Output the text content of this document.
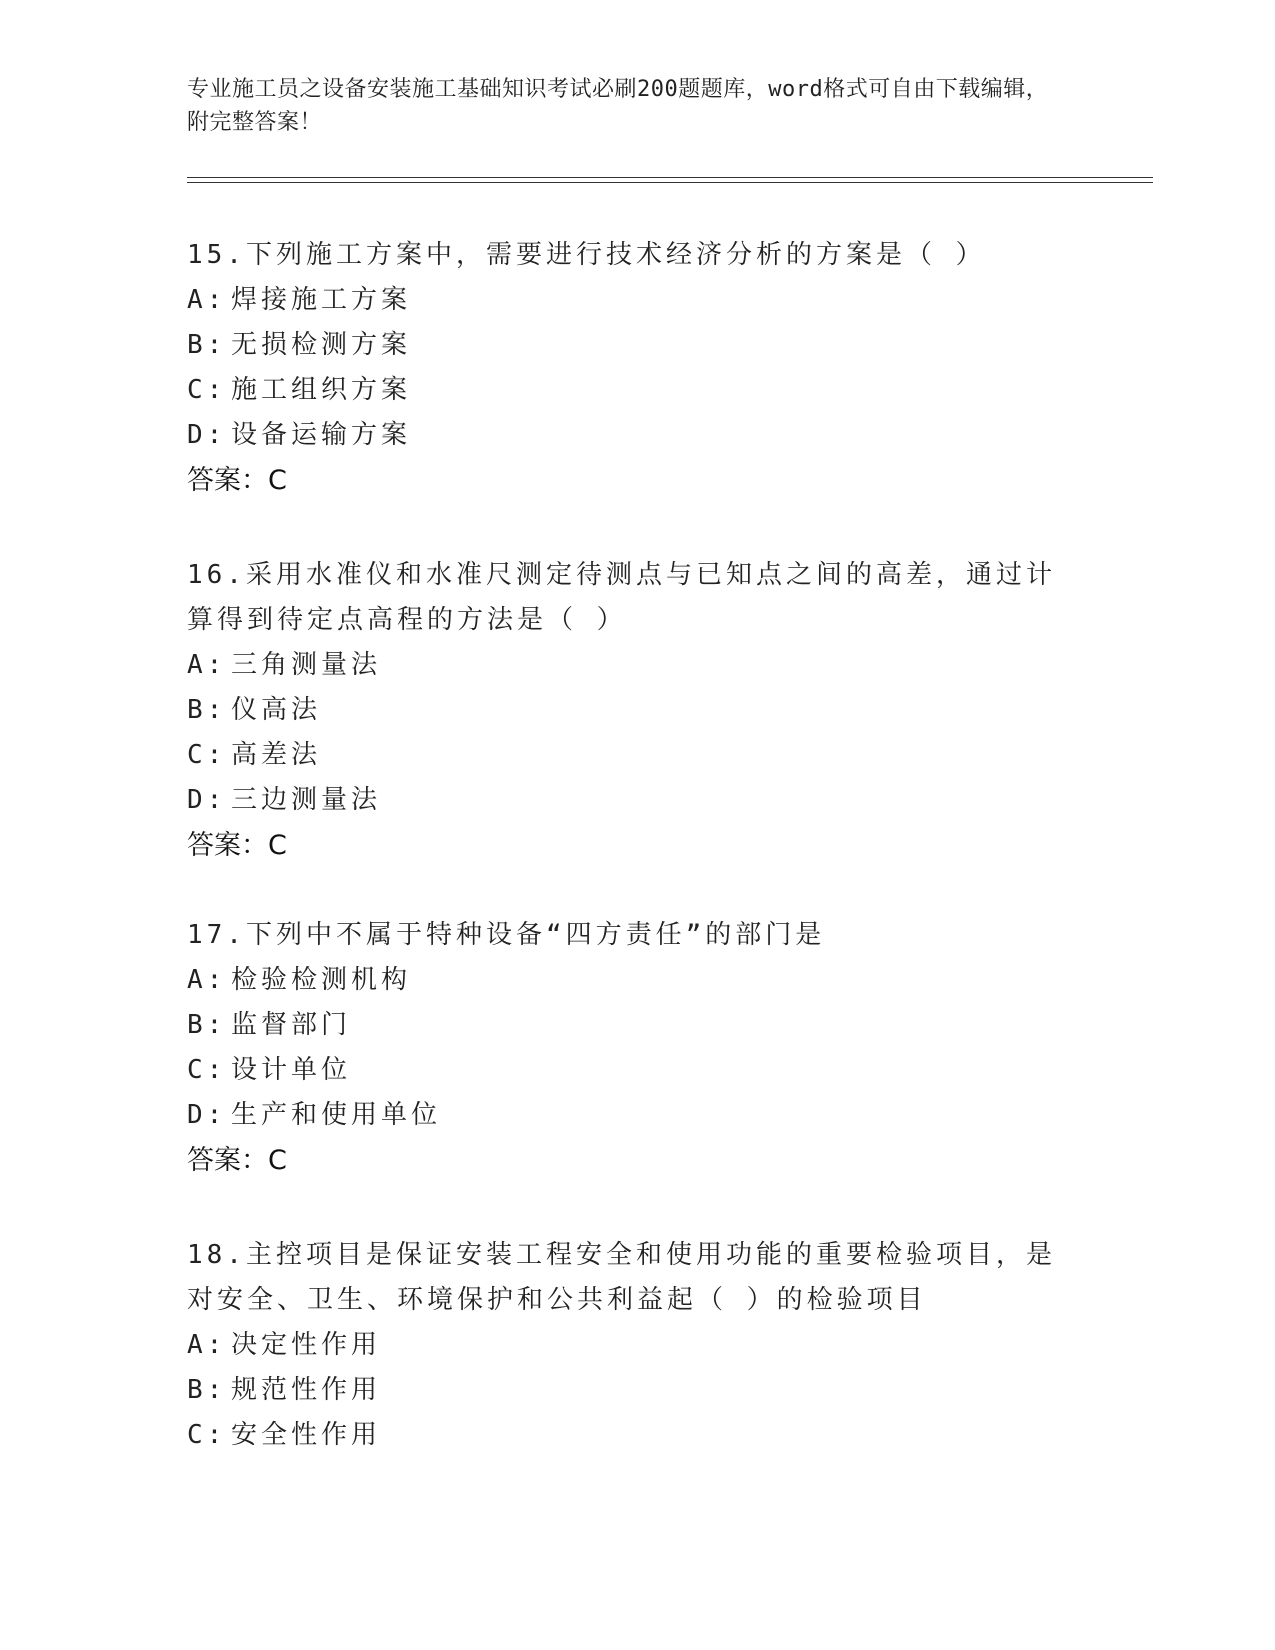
专业施工员之设备安装施工基础知识考试必刷200题题库，word格式可自由下载编辑，附完整答案！
15.下列施工方案中，需要进行技术经济分析的方案是（ ）
A: 焊接施工方案
B: 无损检测方案
C: 施工组织方案
D: 设备运输方案
答案：C
16.采用水准仪和水准尺测定待测点与已知点之间的高差，通过计算得到待定点高程的方法是（ ）
A: 三角测量法
B: 仪高法
C: 高差法
D: 三边测量法
答案：C
17.下列中不属于特种设备“四方责任”的部门是
A: 检验检测机构
B: 监督部门
C: 设计单位
D: 生产和使用单位
答案：C
18.主控项目是保证安装工程安全和使用功能的重要检验项目，是对安全、卫生、环境保护和公共利益起（ ）的检验项目
A: 决定性作用
B: 规范性作用
C: 安全性作用
